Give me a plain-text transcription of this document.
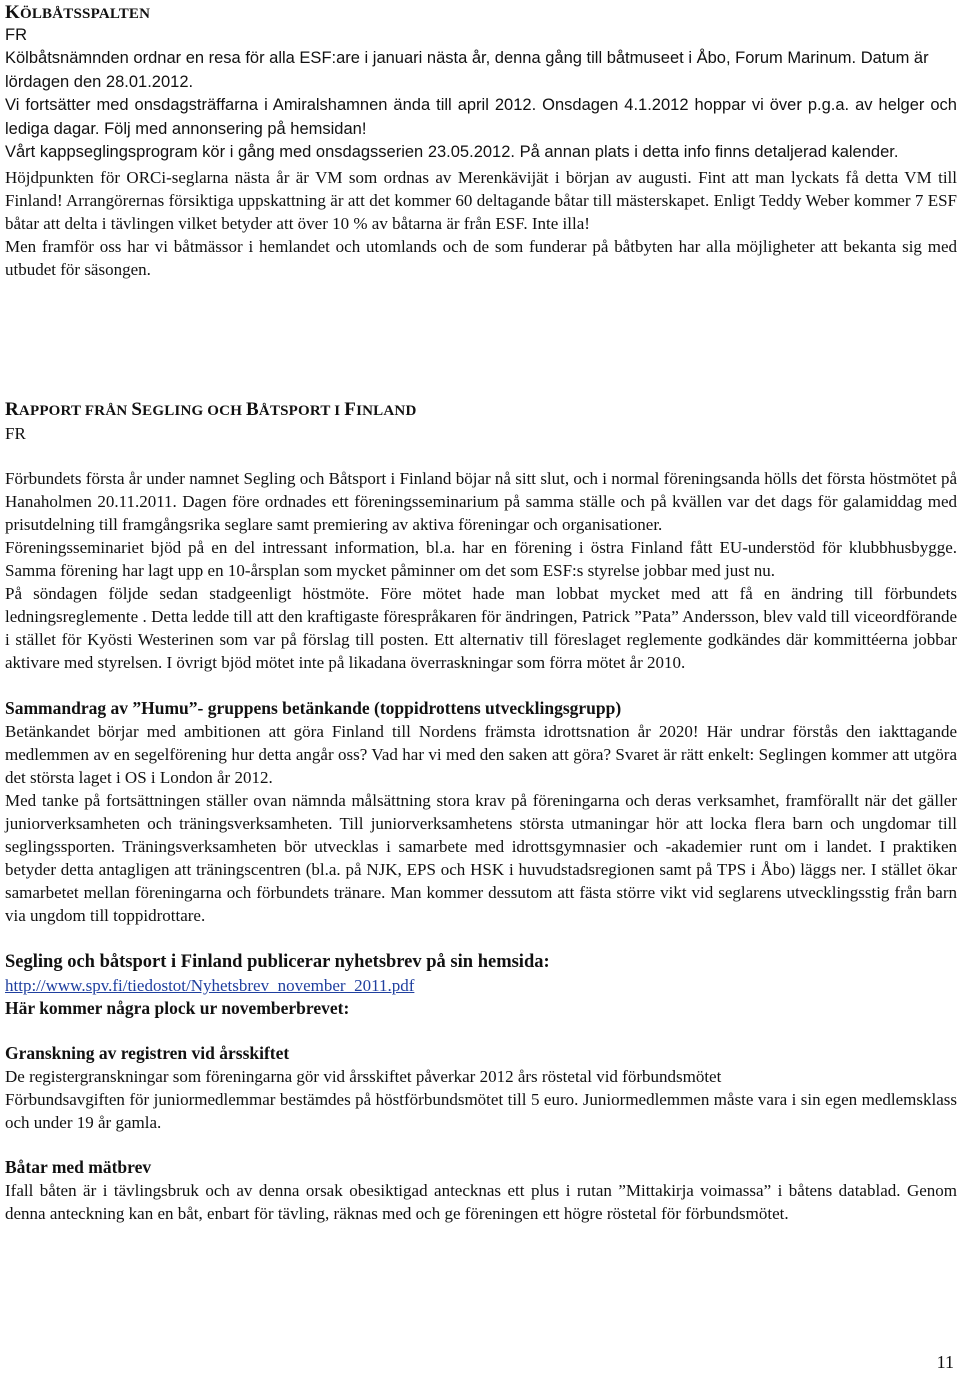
KÖLBÅTSSPALTEN
FR

Kölbåtsnämnden ordnar en resa för alla ESF:are i januari nästa år, denna gång till båtmuseet i Åbo, Forum Marinum. Datum är lördagen den 28.01.2012.

Vi fortsätter med onsdagsträffarna i Amiralshamnen ända till april 2012. Onsdagen 4.1.2012 hoppar vi över p.g.a. av helger och lediga dagar. Följ med annonsering på hemsidan!

Vårt kappseglingsprogram kör i gång med onsdagsserien 23.05.2012. På annan plats i detta info finns detaljerad kalender.

Höjdpunkten för ORCi-seglarna nästa år är VM som ordnas av Merenkävijät i början av augusti. Fint att man lyckats få detta VM till Finland! Arrangörernas försiktiga uppskattning är att det kommer 60 deltagande båtar till mästerskapet. Enligt Teddy Weber kommer 7 ESF båtar att delta i tävlingen vilket betyder att över 10 % av båtarna är från ESF. Inte illa!

Men framför oss har vi båtmässor i hemlandet och utomlands och de som funderar på båtbyten har alla möjligheter att bekanta sig med utbudet för säsongen.

RAPPORT FRÅN SEGLING OCH BÅTSPORT I FINLAND
FR

Förbundets första år under namnet Segling och Båtsport i Finland böjar nå sitt slut, och i normal föreningsanda hölls det första höstmötet på Hanaholmen 20.11.2011. Dagen före ordnades ett föreningsseminarium på samma ställe och på kvällen var det dags för galamiddag med prisutdelning till framgångsrika seglare samt premiering av aktiva föreningar och organisationer.

Föreningsseminariet bjöd på en del intressant information, bl.a. har en förening i östra Finland fått EU-understöd för klubbhusbygge. Samma förening har lagt upp en 10-årsplan som mycket påminner om det som ESF:s styrelse jobbar med just nu.

På söndagen följde sedan stadgeenligt höstmöte. Före mötet hade man lobbat mycket med att få en ändring till förbundets ledningsreglemente . Detta ledde till att den kraftigaste förespråkaren för ändringen, Patrick ”Pata” Andersson, blev vald till viceordförande i stället för Kyösti Westerinen som var på förslag till posten. Ett alternativ till föreslaget reglemente godkändes där kommittéerna jobbar aktivare med styrelsen. I övrigt bjöd mötet inte på likadana överraskningar som förra mötet år 2010.

Sammandrag av ”Humu”- gruppens betänkande (toppidrottens utvecklingsgrupp)

Betänkandet börjar med ambitionen att göra Finland till Nordens främsta idrottsnation år 2020! Här undrar förstås den iakttagande medlemmen av en segelförening hur detta angår oss? Vad har vi med den saken att göra? Svaret är rätt enkelt: Seglingen kommer att utgöra det största laget i OS i London år 2012.

Med tanke på fortsättningen ställer ovan nämnda målsättning stora krav på föreningarna och deras verksamhet, framförallt när det gäller juniorverksamheten och träningsverksamheten. Till juniorverksamhetens största utmaningar hör att locka flera barn och ungdomar till seglingssporten. Träningsverksamheten bör utvecklas i samarbete med idrottsgymnasier och -akademier runt om i landet. I praktiken betyder detta antagligen att träningscentren (bl.a. på NJK, EPS och HSK i huvudstadsregionen samt på TPS i Åbo) läggs ner. I stället ökar samarbetet mellan föreningarna och förbundets tränare. Man kommer dessutom att fästa större vikt vid seglarens utvecklingsstig från barn via ungdom till toppidrottare.

Segling och båtsport i Finland publicerar nyhetsbrev på sin hemsida:
http://www.spv.fi/tiedostot/Nyhetsbrev_november_2011.pdf
Här kommer några plock ur novemberbrevet:
Granskning av registren vid årsskiftet

De registergranskningar som föreningarna gör vid årsskiftet påverkar 2012 års röstetal vid förbundsmötet

Förbundsavgiften för juniormedlemmar bestämdes på höstförbundsmötet till 5 euro. Juniormedlemmen måste vara i sin egen medlemsklass och under 19 år gamla.

Båtar med mätbrev

Ifall båten är i tävlingsbruk och av denna orsak obesiktigad antecknas ett plus i rutan ”Mittakirja voimassa” i båtens datablad. Genom denna anteckning kan en båt, enbart för tävling, räknas med och ge föreningen ett högre röstetal för förbundsmötet.

11
